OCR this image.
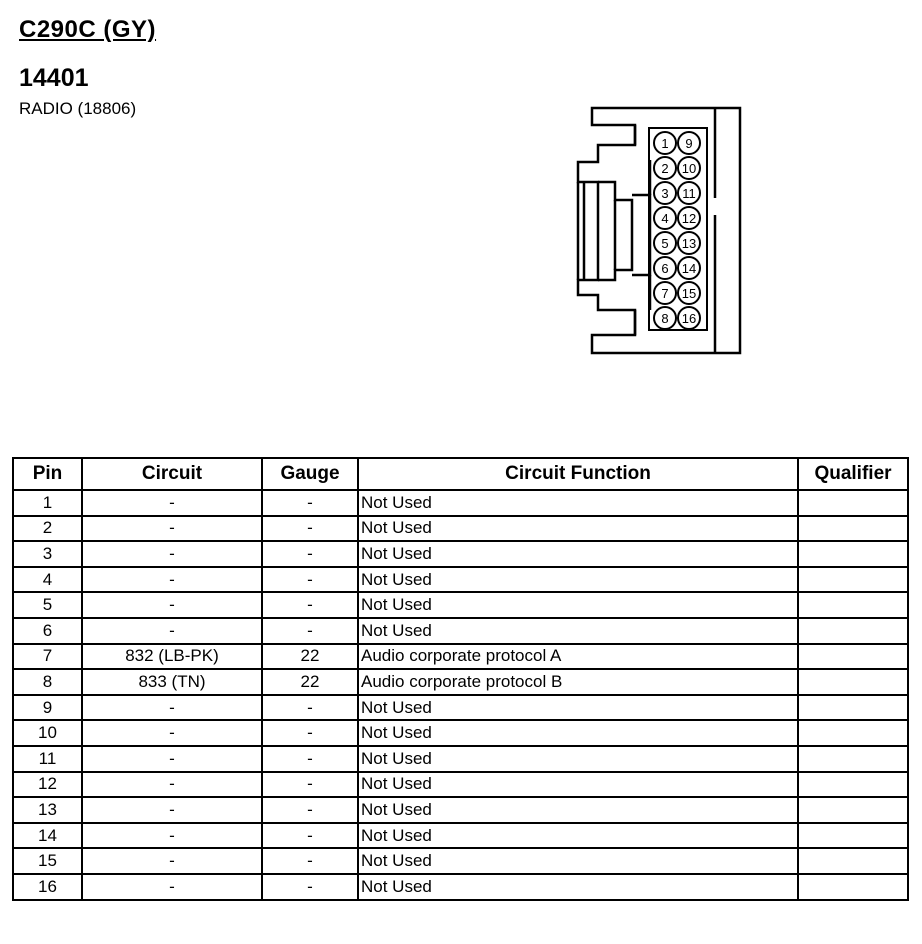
C290C (GY)
14401
RADIO (18806)
1
2
3
4
5
6
7
8
9
10
11
12
13
14
15
16
Pin	Circuit	Gauge	Circuit Function	Qualifier
1	-	-	Not Used	
2	-	-	Not Used	
3	-	-	Not Used	
4	-	-	Not Used	
5	-	-	Not Used	
6	-	-	Not Used	
7	832 (LB-PK)	22	Audio corporate protocol A	
8	833 (TN)	22	Audio corporate protocol B	
9	-	-	Not Used	
10	-	-	Not Used	
11	-	-	Not Used	
12	-	-	Not Used	
13	-	-	Not Used	
14	-	-	Not Used	
15	-	-	Not Used	
16	-	-	Not Used	
